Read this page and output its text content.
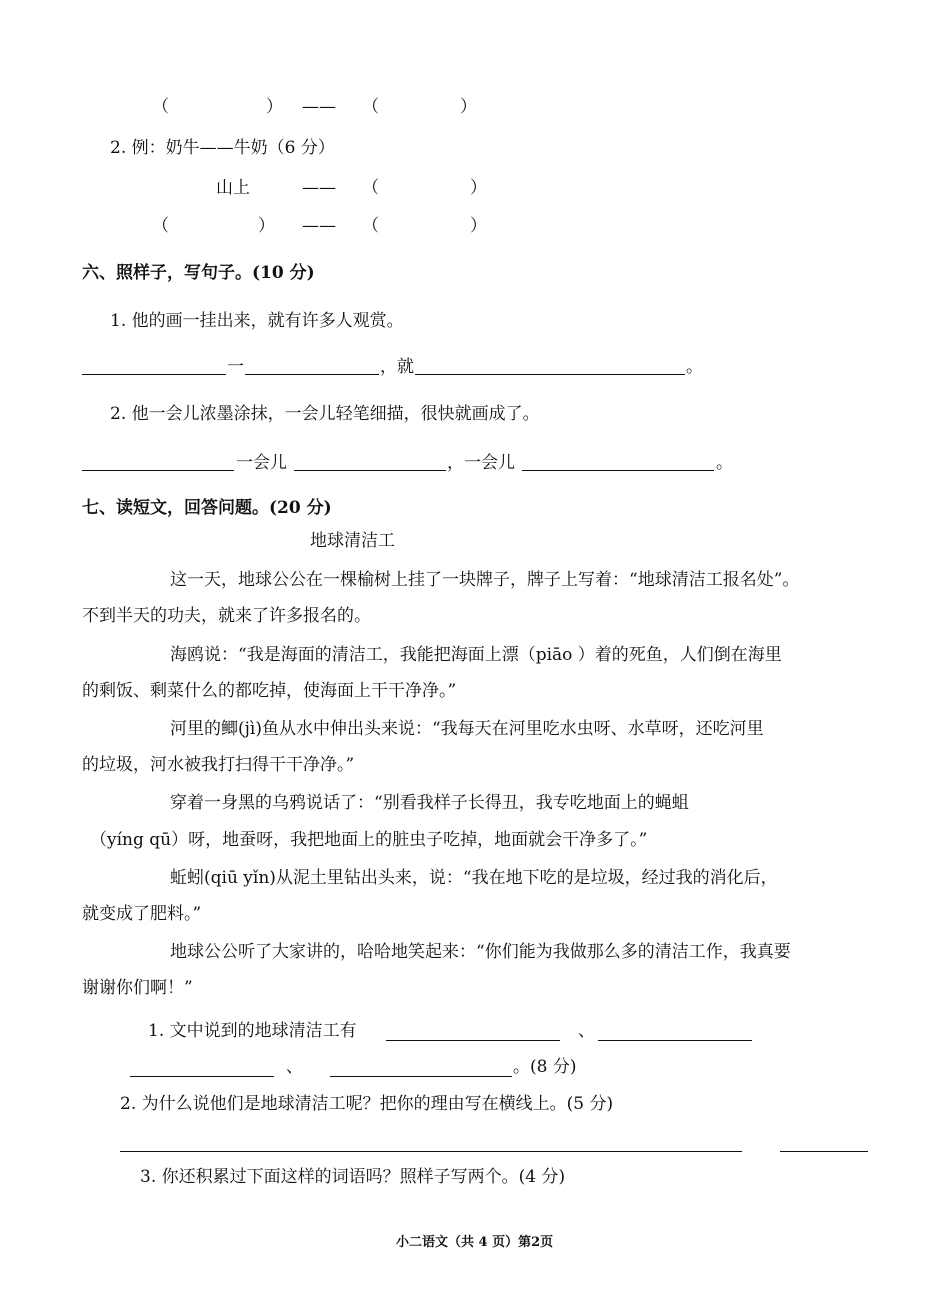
（	） —— （	）
2. 例：奶牛——牛奶（6 分）
山上	—— （	）
（	） —— （	）
六、照样子，写句子。(10 分)
1. 他的画一挂出来，就有许多人观赏。
一	，就	。
2. 他一会儿浓墨涂抹，一会儿轻笔细描，很快就画成了。
一会儿	，一会儿	。
七、读短文，回答问题。(20 分)
地球清洁工
这一天，地球公公在一棵榆树上挂了一块牌子，牌子上写着：“地球清洁工报名处”。
不到半天的功夫，就来了许多报名的。
海鸥说：“我是海面的清洁工，我能把海面上漂（piāo ）着的死鱼，人们倒在海里
的剩饭、剩菜什么的都吃掉，使海面上干干净净。”
河里的鲫(jì)鱼从水中伸出头来说：“我每天在河里吃水虫呀、水草呀，还吃河里
的垃圾，河水被我打扫得干干净净。”
穿着一身黑的乌鸦说话了：“别看我样子长得丑，我专吃地面上的蝇蛆
（yíng qū）呀，地蚕呀，我把地面上的脏虫子吃掉，地面就会干净多了。”
蚯蚓(qiū yǐn)从泥土里钻出头来，说：“我在地下吃的是垃圾，经过我的消化后，
就变成了肥料。”
地球公公听了大家讲的，哈哈地笑起来：“你们能为我做那么多的清洁工作，我真要
谢谢你们啊！”
1. 文中说到的地球清洁工有	、
、	。(8 分)
2. 为什么说他们是地球清洁工呢？把你的理由写在横线上。(5 分)
3. 你还积累过下面这样的词语吗？照样子写两个。(4 分)
小二语文（共 4 页）第2页
